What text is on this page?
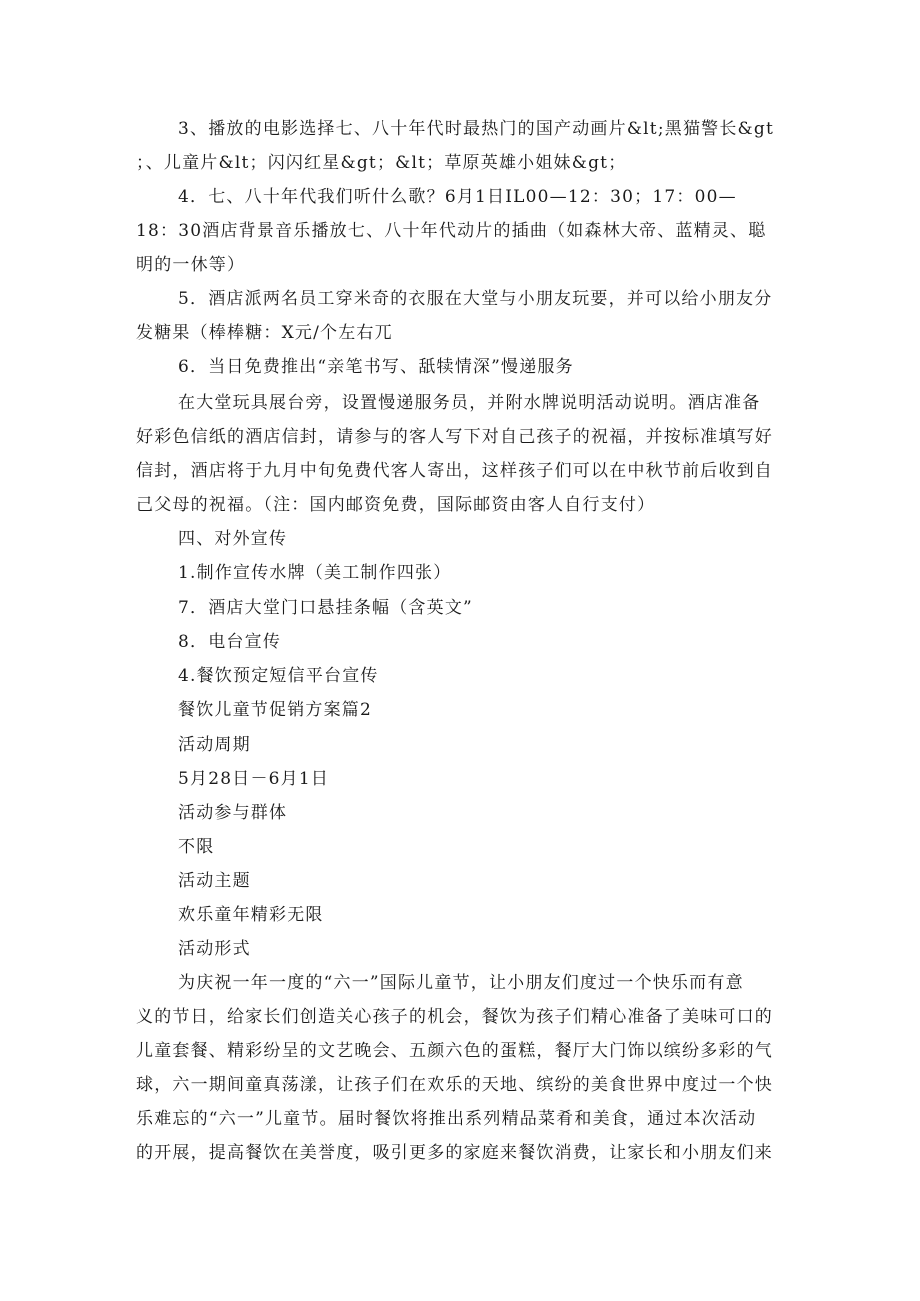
3、播放的电影选择七、八十年代时最热门的国产动画片&lt;黑猫警长&gt
；、儿童片&lt；闪闪红星&gt；&lt；草原英雄小姐妹&gt；
4．七、八十年代我们听什么歌？6月1日IL00—12：30；17：00—
18：30酒店背景音乐播放七、八十年代动片的插曲（如森林大帝、蓝精灵、聪
明的一休等）
5．酒店派两名员工穿米奇的衣服在大堂与小朋友玩要，并可以给小朋友分
发糖果（棒棒糖：X元/个左右兀
6．当日免费推出“亲笔书写、舐犊情深”慢递服务
在大堂玩具展台旁，设置慢递服务员，并附水牌说明活动说明。酒店准备
好彩色信纸的酒店信封，请参与的客人写下对自己孩子的祝福，并按标准填写好
信封，酒店将于九月中旬免费代客人寄出，这样孩子们可以在中秋节前后收到自
己父母的祝福。（注：国内邮资免费，国际邮资由客人自行支付）
四、对外宣传
1.制作宣传水牌（美工制作四张）
7．酒店大堂门口悬挂条幅（含英文”
8．电台宣传
4.餐饮预定短信平台宣传
餐饮儿童节促销方案篇2
活动周期
5月28日－6月1日
活动参与群体
不限
活动主题
欢乐童年精彩无限
活动形式
为庆祝一年一度的“六一”国际儿童节，让小朋友们度过一个快乐而有意
义的节日，给家长们创造关心孩子的机会，餐饮为孩子们精心准备了美味可口的
儿童套餐、精彩纷呈的文艺晚会、五颜六色的蛋糕，餐厅大门饰以缤纷多彩的气
球，六一期间童真荡漾，让孩子们在欢乐的天地、缤纷的美食世界中度过一个快
乐难忘的“六一”儿童节。届时餐饮将推出系列精品菜肴和美食，通过本次活动
的开展，提高餐饮在美誉度，吸引更多的家庭来餐饮消费，让家长和小朋友们来
